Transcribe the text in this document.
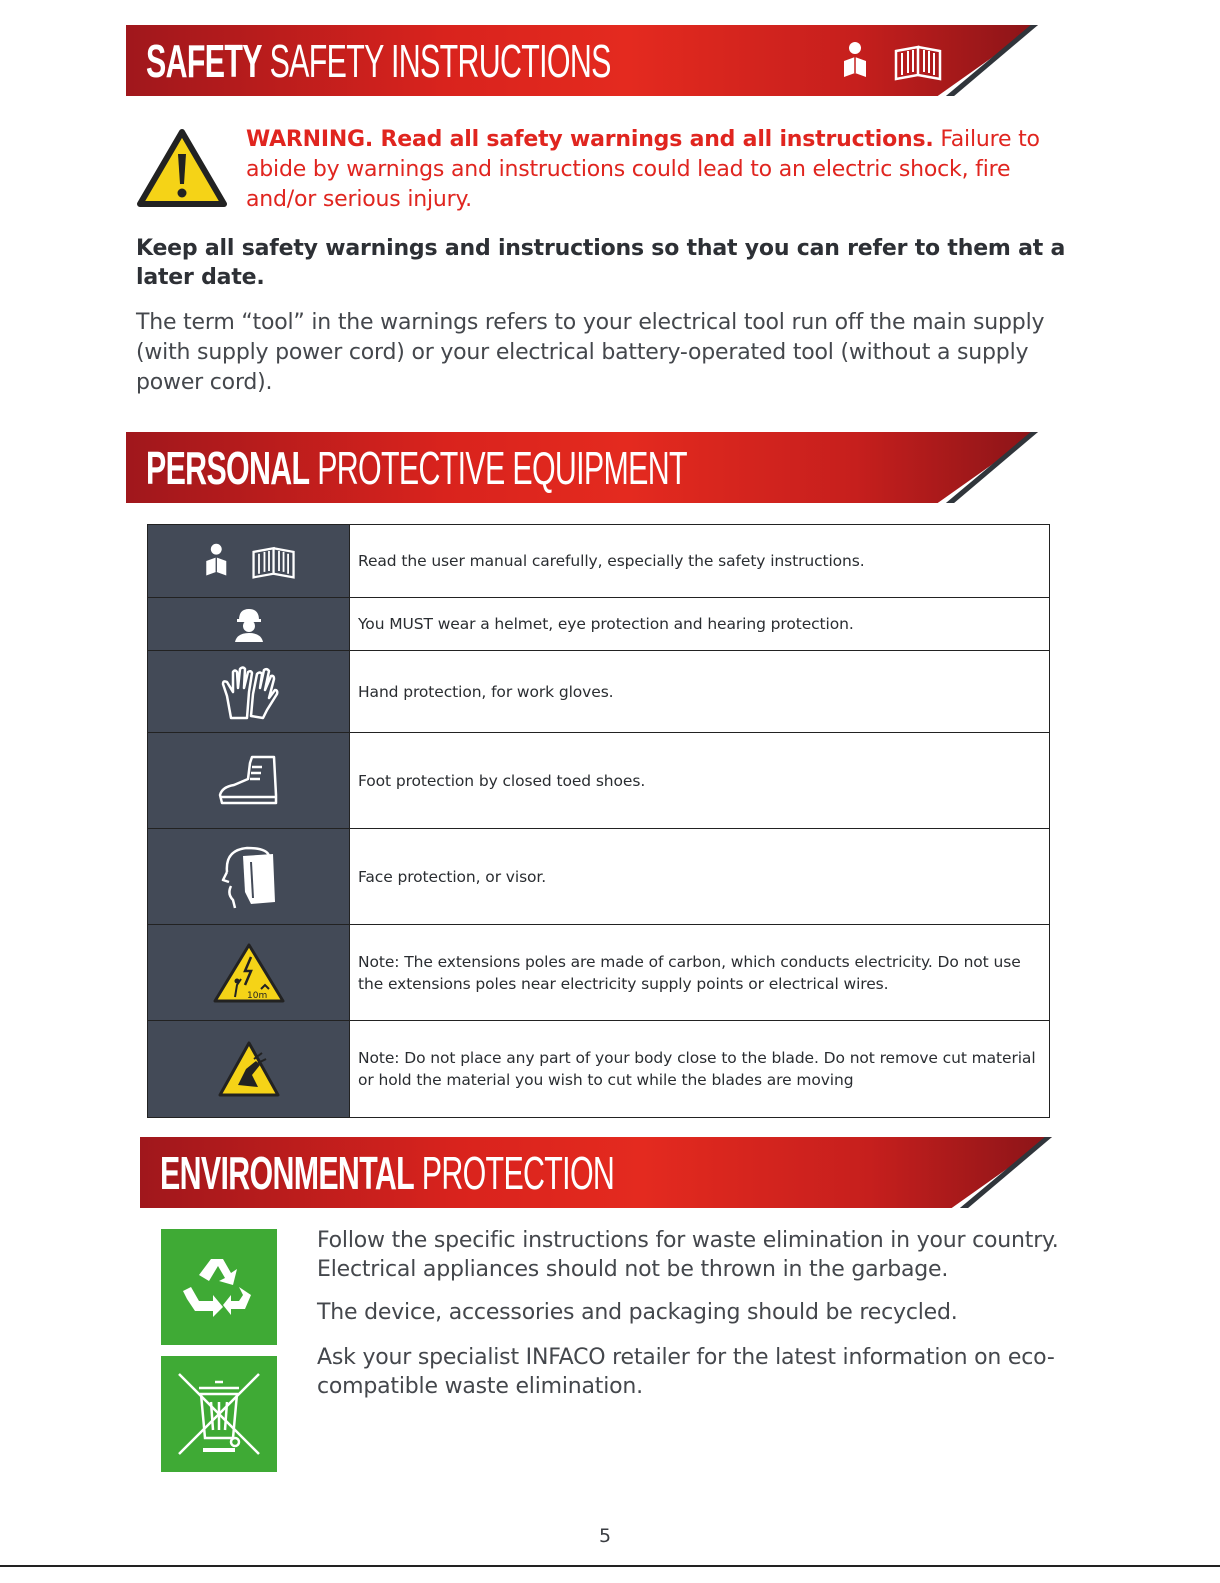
SAFETY SAFETY INSTRUCTIONS
WARNING. Read all safety warnings and all instructions. Failure to abide by warnings and instructions could lead to an electric shock, fire and/or serious injury.
Keep all safety warnings and instructions so that you can refer to them at a later date.
The term “tool” in the warnings refers to your electrical tool run off the main supply (with supply power cord) or your electrical battery-operated tool (without a supply power cord).
PERSONAL PROTECTIVE EQUIPMENT
Read the user manual carefully, especially the safety instructions.
You MUST wear a helmet, eye protection and hearing protection.
Hand protection, for work gloves.
Foot protection by closed toed shoes.
Face protection, or visor.
10m
Note: The extensions poles are made of carbon, which conducts electricity. Do not use the extensions poles near electricity supply points or electrical wires.
Note: Do not place any part of your body close to the blade. Do not remove cut material or hold the material you wish to cut while the blades are moving
ENVIRONMENTAL PROTECTION
Follow the specific instructions for waste elimination in your country. Electrical appliances should not be thrown in the garbage.
The device, accessories and packaging should be recycled.
Ask your specialist INFACO retailer for the latest information on eco-compatible waste elimination.
5
